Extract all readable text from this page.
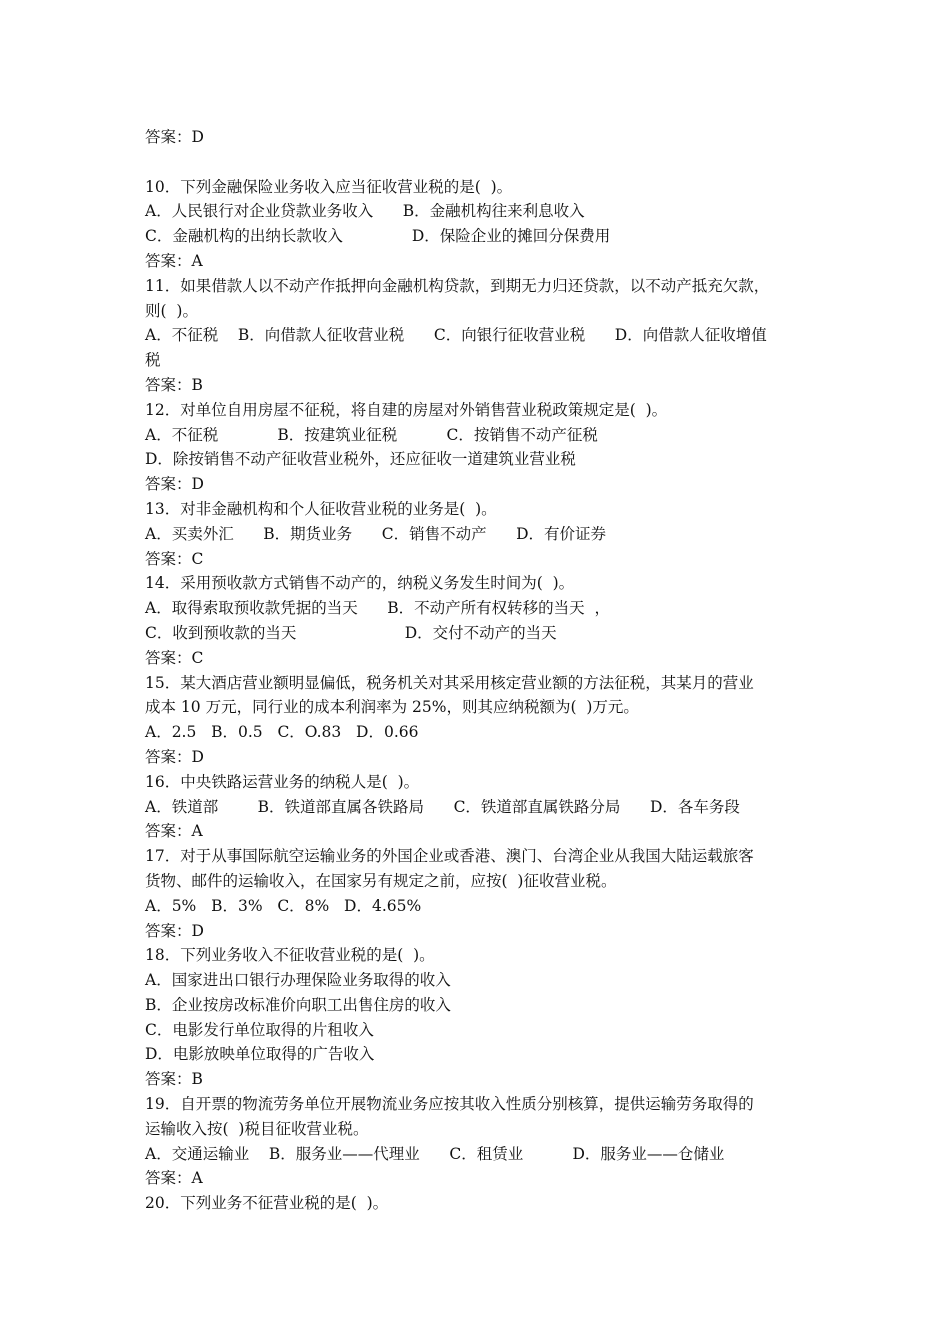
答案：D
10．下列金融保险业务收入应当征收营业税的是(  )。
A．人民银行对企业贷款业务收入      B．金融机构往来利息收入
C．金融机构的出纳长款收入              D．保险企业的摊回分保费用
答案：A
11．如果借款人以不动产作抵押向金融机构贷款，到期无力归还贷款，以不动产抵充欠款，
则(  )。
A．不征税    B．向借款人征收营业税      C．向银行征收营业税      D．向借款人征收增值
税
答案：B
12．对单位自用房屋不征税，将自建的房屋对外销售营业税政策规定是(  )。
A．不征税            B．按建筑业征税          C．按销售不动产征税
D．除按销售不动产征收营业税外，还应征收一道建筑业营业税
答案：D
13．对非金融机构和个人征收营业税的业务是(  )。
A．买卖外汇      B．期货业务      C．销售不动产      D．有价证券
答案：C
14．采用预收款方式销售不动产的，纳税义务发生时间为(  )。
A．取得索取预收款凭据的当天      B．不动产所有权转移的当天  ，
C．收到预收款的当天                      D．交付不动产的当天
答案：C
15．某大酒店营业额明显偏低，税务机关对其采用核定营业额的方法征税，其某月的营业
成本 10 万元，同行业的成本利润率为 25%，则其应纳税额为(  )万元。
A．2.5   B．0.5   C．O.83   D．0.66
答案：D
16．中央铁路运营业务的纳税人是(  )。
A．铁道部        B．铁道部直属各铁路局      C．铁道部直属铁路分局      D．各车务段
答案：A
17．对于从事国际航空运输业务的外国企业或香港、澳门、台湾企业从我国大陆运载旅客
货物、邮件的运输收入，在国家另有规定之前，应按(  )征收营业税。
A．5%   B．3%   C．8%   D．4.65%
答案：D
18．下列业务收入不征收营业税的是(  )。
A．国家进出口银行办理保险业务取得的收入
B．企业按房改标准价向职工出售住房的收入
C．电影发行单位取得的片租收入
D．电影放映单位取得的广告收入
答案：B
19．自开票的物流劳务单位开展物流业务应按其收入性质分别核算，提供运输劳务取得的
运输收入按(  )税目征收营业税。
A．交通运输业    B．服务业——代理业      C．租赁业          D．服务业——仓储业
答案：A
20．下列业务不征营业税的是(  )。
